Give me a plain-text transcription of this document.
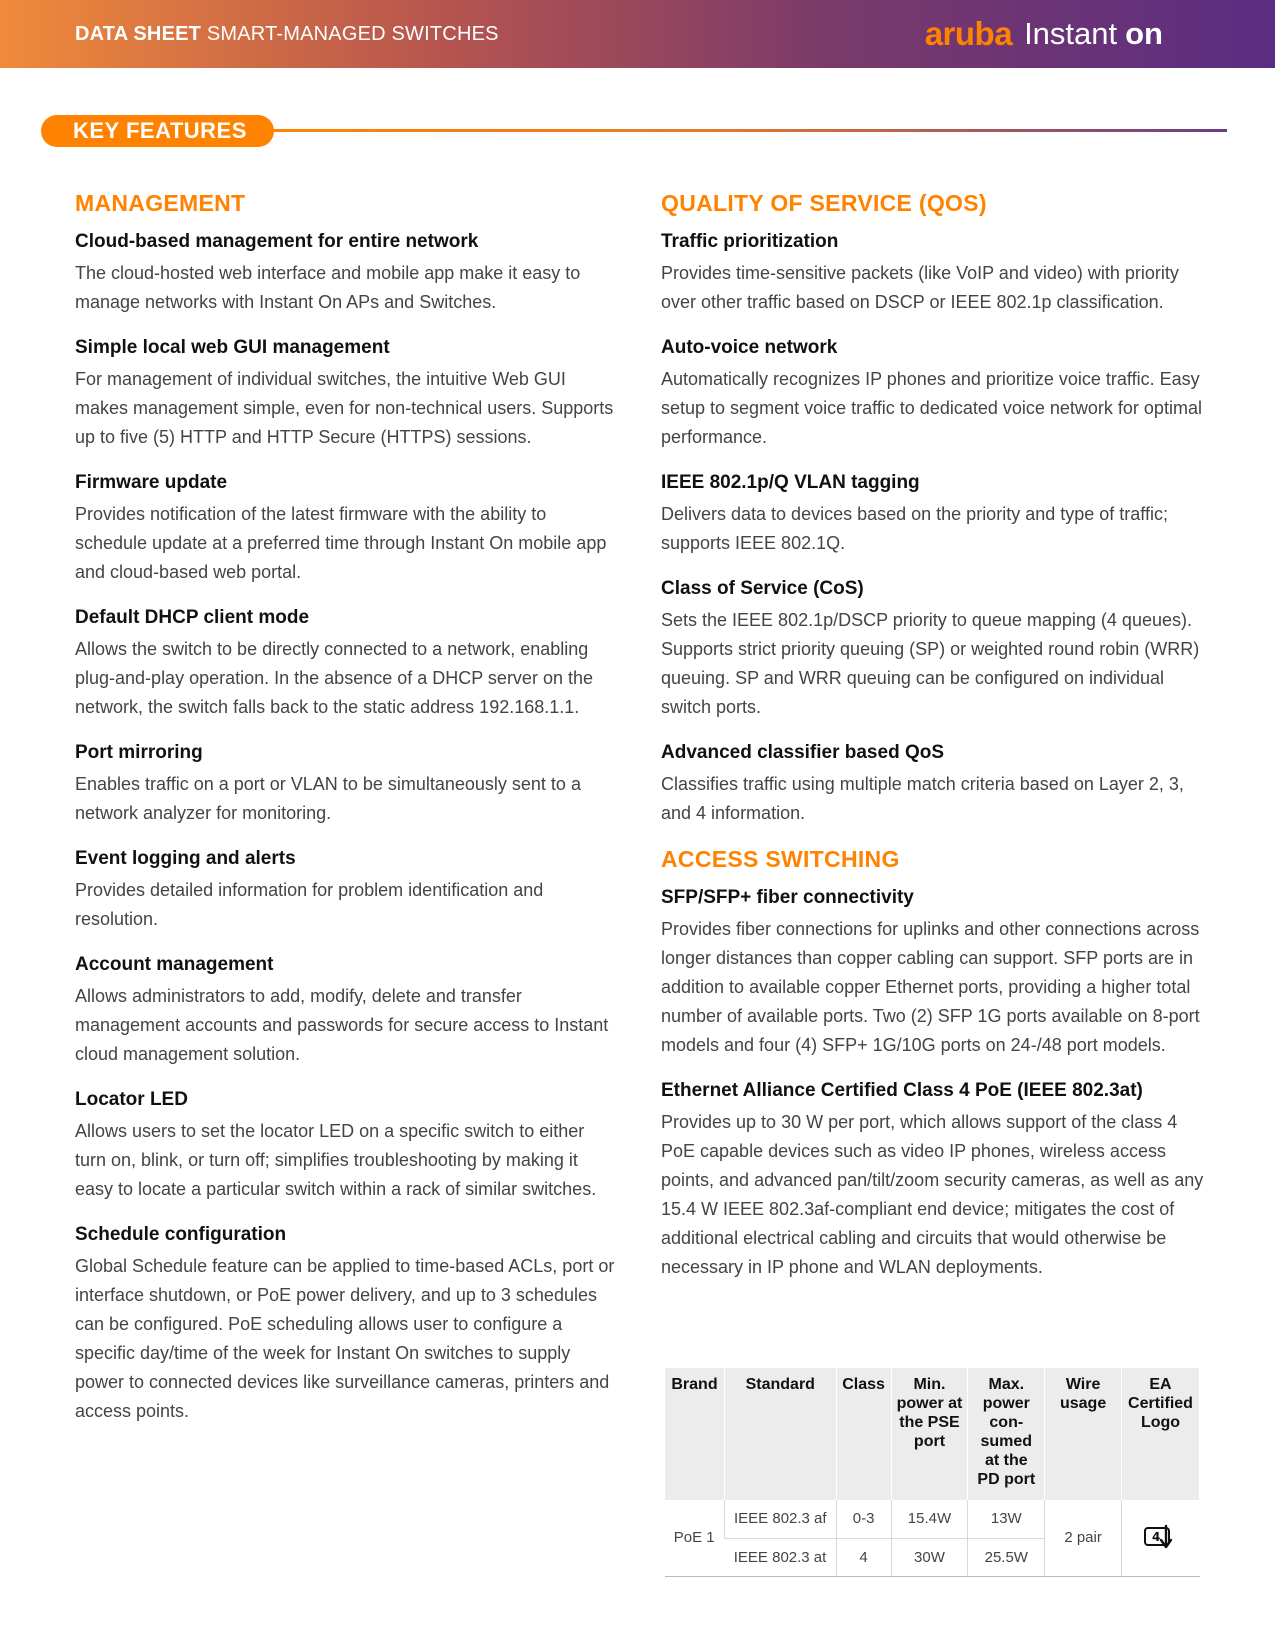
DATA SHEET SMART-MANAGED SWITCHES	aruba Instant on
KEY FEATURES
MANAGEMENT
Cloud-based management for entire network

The cloud-hosted web interface and mobile app make it easy to manage networks with Instant On APs and Switches.

Simple local web GUI management

For management of individual switches, the intuitive Web GUI makes management simple, even for non-technical users. Supports up to five (5) HTTP and HTTP Secure (HTTPS) sessions.

Firmware update

Provides notification of the latest firmware with the ability to schedule update at a preferred time through Instant On mobile app and cloud-based web portal.

Default DHCP client mode

Allows the switch to be directly connected to a network, enabling plug-and-play operation. In the absence of a DHCP server on the network, the switch falls back to the static address 192.168.1.1.

Port mirroring

Enables traffic on a port or VLAN to be simultaneously sent to a network analyzer for monitoring.

Event logging and alerts

Provides detailed information for problem identification and resolution.

Account management

Allows administrators to add, modify, delete and transfer management accounts and passwords for secure access to Instant cloud management solution.

Locator LED

Allows users to set the locator LED on a specific switch to either turn on, blink, or turn off; simplifies troubleshooting by making it easy to locate a particular switch within a rack of similar switches.

Schedule configuration

Global Schedule feature can be applied to time-based ACLs, port or interface shutdown, or PoE power delivery, and up to 3 schedules can be configured. PoE scheduling allows user to configure a specific day/time of the week for Instant On switches to supply power to connected devices like surveillance cameras, printers and access points.

QUALITY OF SERVICE (QOS)
Traffic prioritization

Provides time-sensitive packets (like VoIP and video) with priority over other traffic based on DSCP or IEEE 802.1p classification.

Auto-voice network

Automatically recognizes IP phones and prioritize voice traffic. Easy setup to segment voice traffic to dedicated voice network for optimal performance.

IEEE 802.1p/Q VLAN tagging

Delivers data to devices based on the priority and type of traffic; supports IEEE 802.1Q.

Class of Service (CoS)

Sets the IEEE 802.1p/DSCP priority to queue mapping (4 queues). Supports strict priority queuing (SP) or weighted round robin (WRR) queuing. SP and WRR queuing can be configured on individual switch ports.

Advanced classifier based QoS

Classifies traffic using multiple match criteria based on Layer 2, 3, and 4 information.

ACCESS SWITCHING
SFP/SFP+ fiber connectivity

Provides fiber connections for uplinks and other connections across longer distances than copper cabling can support. SFP ports are in addition to available copper Ethernet ports, providing a higher total number of available ports. Two (2) SFP 1G ports available on 8-port models and four (4) SFP+ 1G/10G ports on 24-/48 port models.

Ethernet Alliance Certified Class 4 PoE (IEEE 802.3at)

Provides up to 30 W per port, which allows support of the class 4 PoE capable devices such as video IP phones, wireless access points, and advanced pan/tilt/zoom security cameras, as well as any 15.4 W IEEE 802.3af-compliant end device; mitigates the cost of additional electrical cabling and circuits that would otherwise be necessary in IP phone and WLAN deployments.

Brand	Standard	Class	Min. power at the PSE port	Max. power con-sumed at the PD port	Wire usage	EA Certified Logo
PoE 1	IEEE 802.3 af	0-3	15.4W	13W	2 pair	4

	IEEE 802.3 at	4	30W	25.5W		
